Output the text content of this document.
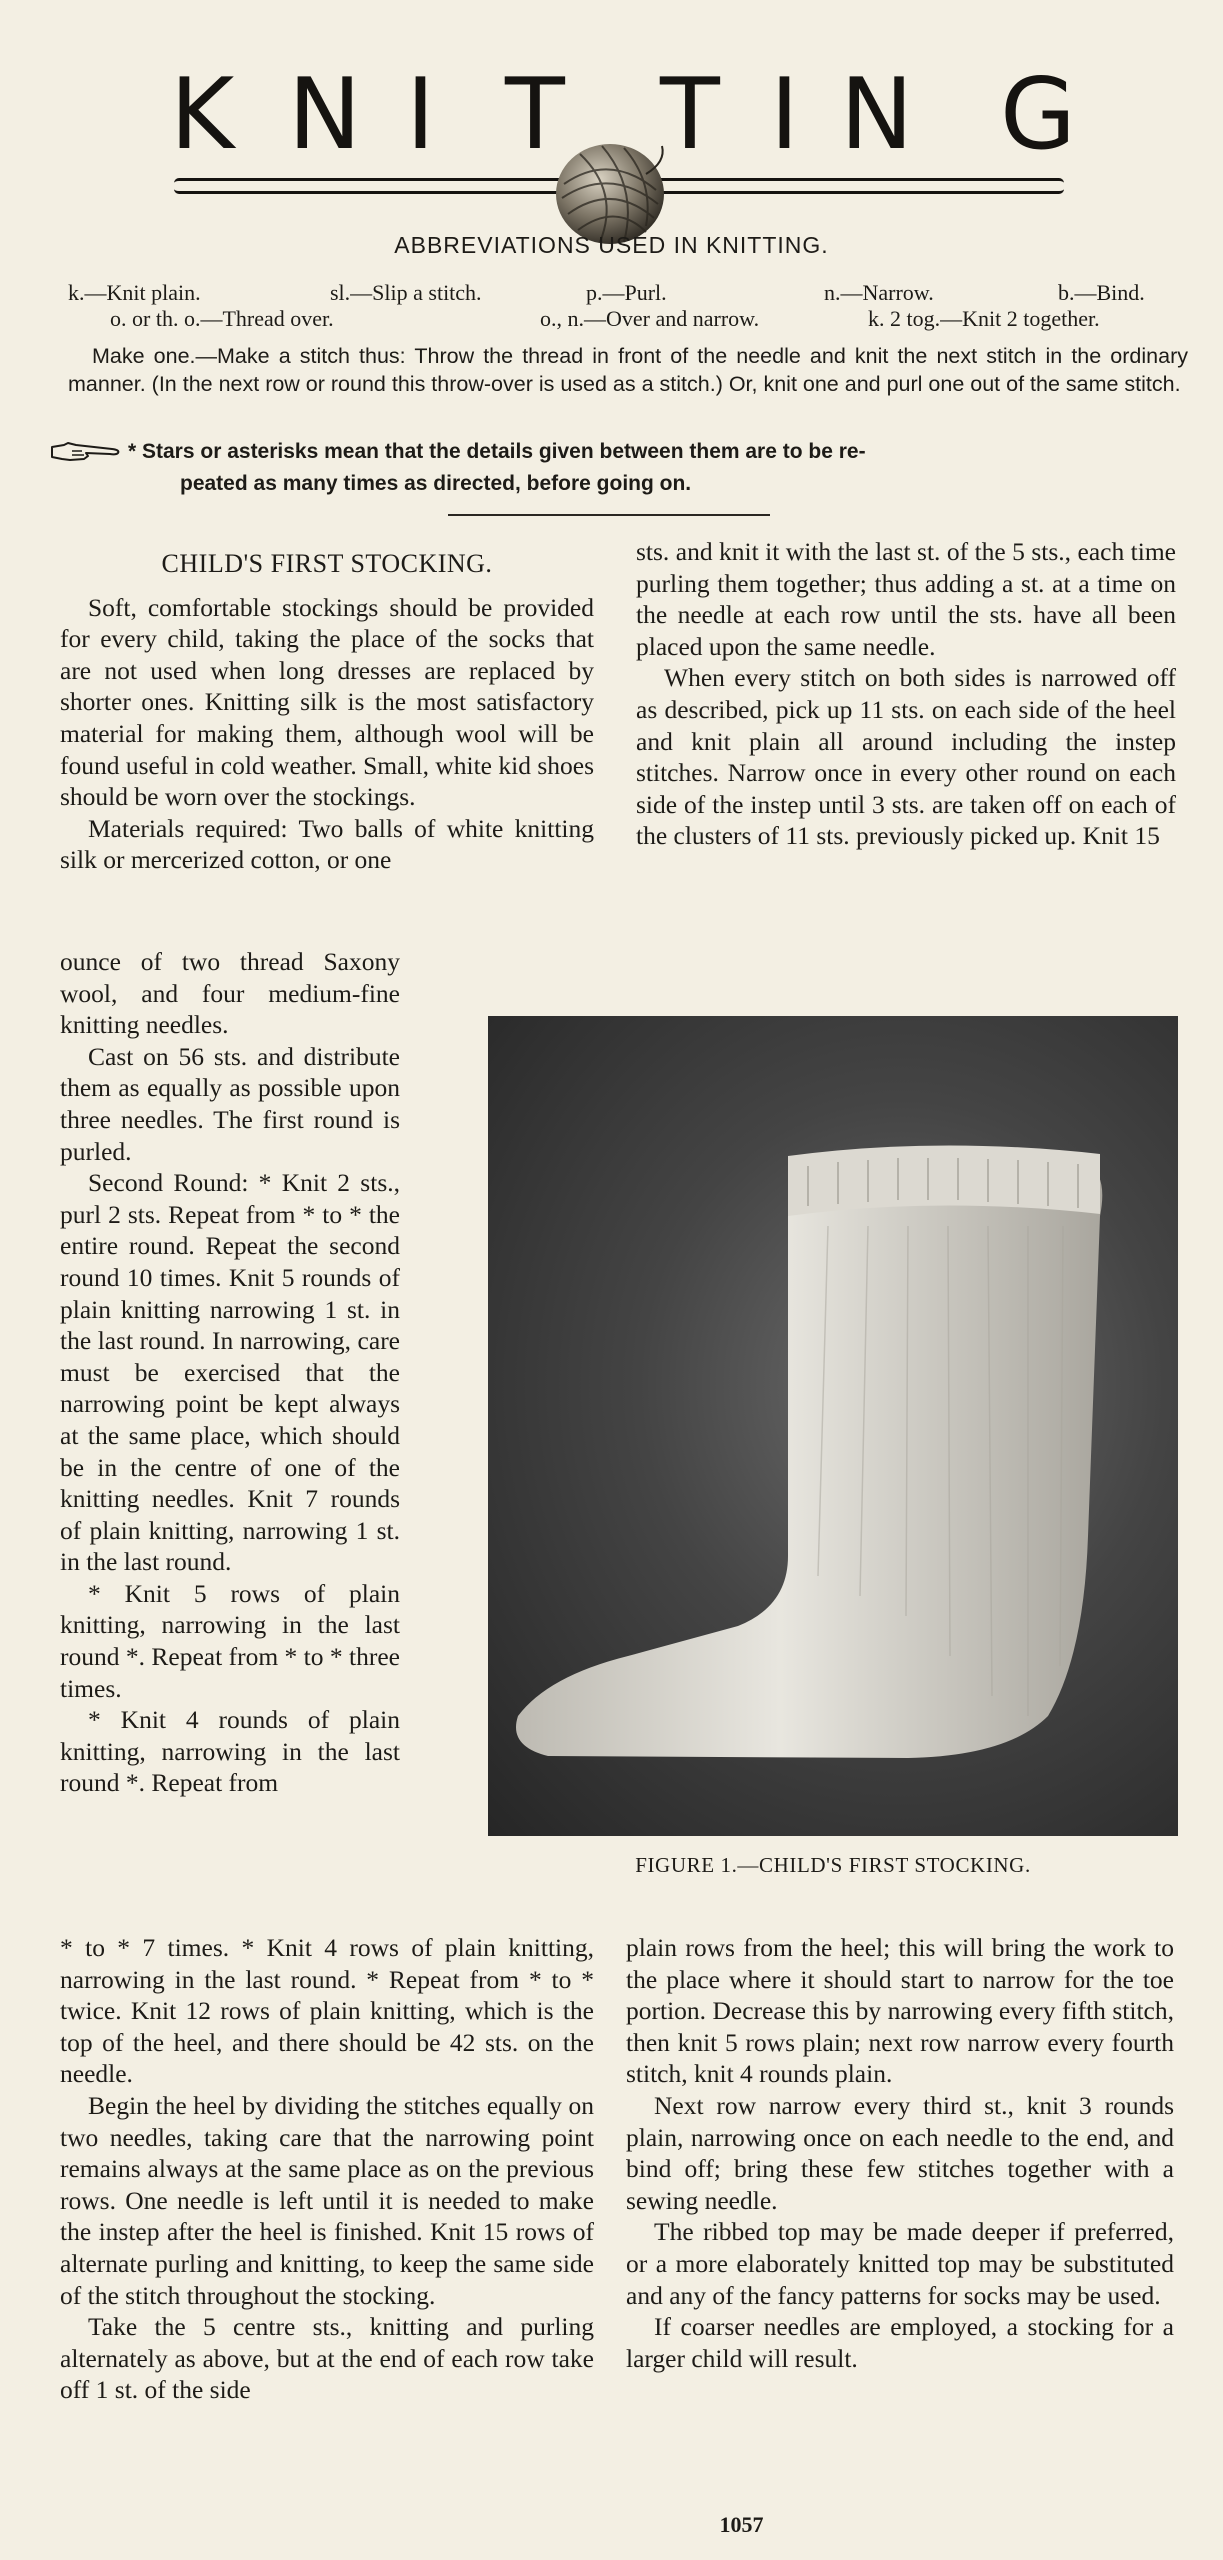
K N I T T I N G
ABBREVIATIONS USED IN KNITTING.
k.—Knit plain.	sl.—Slip a stitch.	p.—Purl.	n.—Narrow.	b.—Bind.
o. or th. o.—Thread over.	o., n.—Over and narrow.	k. 2 tog.—Knit 2 together.
Make one.—Make a stitch thus: Throw the thread in front of the needle and knit the next stitch in the ordinary manner. (In the next row or round this throw-over is used as a stitch.) Or, knit one and purl one out of the same stitch.
* Stars or asterisks mean that the details given between them are to be re-
peated as many times as directed, before going on.
CHILD'S FIRST STOCKING.

Soft, comfortable stockings should be provided for every child, taking the place of the socks that are not used when long dresses are replaced by shorter ones. Knitting silk is the most satisfactory material for making them, although wool will be found useful in cold weather. Small, white kid shoes should be worn over the stockings.

Materials required: Two balls of white knitting silk or mercerized cotton, or one

ounce of two thread Saxony wool, and four medium-fine knitting needles.

Cast on 56 sts. and distribute them as equally as possible upon three needles. The first round is purled.

Second Round: * Knit 2 sts., purl 2 sts. Repeat from * to * the entire round. Repeat the second round 10 times. Knit 5 rounds of plain knitting narrowing 1 st. in the last round. In narrowing, care must be exercised that the narrowing point be kept always at the same place, which should be in the centre of one of the knitting needles. Knit 7 rounds of plain knitting, narrowing 1 st. in the last round.

* Knit 5 rows of plain knitting, narrowing in the last round *. Repeat from * to * three times.

* Knit 4 rounds of plain knitting, narrowing in the last round *. Repeat from

* to * 7 times. * Knit 4 rows of plain knitting, narrowing in the last round. * Repeat from * to * twice. Knit 12 rows of plain knitting, which is the top of the heel, and there should be 42 sts. on the needle.

Begin the heel by dividing the stitches equally on two needles, taking care that the narrowing point remains always at the same place as on the previous rows. One needle is left until it is needed to make the instep after the heel is finished. Knit 15 rows of alternate purling and knitting, to keep the same side of the stitch throughout the stocking.

Take the 5 centre sts., knitting and purling alternately as above, but at the end of each row take off 1 st. of the side

sts. and knit it with the last st. of the 5 sts., each time purling them together; thus adding a st. at a time on the needle at each row until the sts. have all been placed upon the same needle.

When every stitch on both sides is narrowed off as described, pick up 11 sts. on each side of the heel and knit plain all around including the instep stitches. Narrow once in every other round on each side of the instep until 3 sts. are taken off on each of the clusters of 11 sts. previously picked up. Knit 15

FIGURE 1.—CHILD'S FIRST STOCKING.

plain rows from the heel; this will bring the work to the place where it should start to narrow for the toe portion. Decrease this by narrowing every fifth stitch, then knit 5 rows plain; next row narrow every fourth stitch, knit 4 rounds plain.

Next row narrow every third st., knit 3 rounds plain, narrowing once on each needle to the end, and bind off; bring these few stitches together with a sewing needle.

The ribbed top may be made deeper if preferred, or a more elaborately knitted top may be substituted and any of the fancy patterns for socks may be used.

If coarser needles are employed, a stocking for a larger child will result.

1057
